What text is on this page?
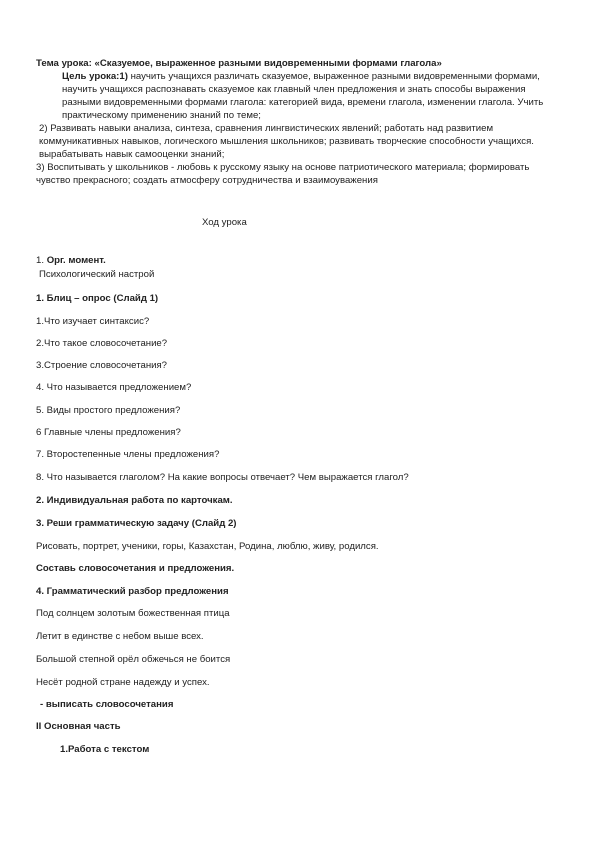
Тема урока: «Сказуемое, выраженное разными видовременными формами глагола»

Цель урока:1) научить учащихся различать сказуемое, выраженное разными видовременными формами, научить учащихся распознавать сказуемое как главный член предложения и знать способы выражения разными видовременными формами глагола: категорией вида, времени глагола, изменении глагола. Учить практическому применению знаний по теме;

2) Развивать навыки анализа, синтеза, сравнения лингвистических явлений; работать над развитием коммуникативных навыков, логического мышления школьников; развивать творческие способности учащихся. вырабатывать навык самооценки знаний;

3) Воспитывать у школьников - любовь к русскому языку на основе патриотического материала; формировать чувство прекрасного; создать атмосферу сотрудничества и взаимоуважения

Ход урока

1. Орг. момент.

Психологический настрой

1. Блиц – опрос (Слайд 1)

1.Что изучает синтаксис?

2.Что такое словосочетание?

3.Строение словосочетания?

4. Что называется предложением?

5. Виды простого предложения?

6 Главные члены предложения?

7. Второстепенные члены предложения?

8. Что называется глаголом? На какие вопросы отвечает? Чем выражается глагол?

2. Индивидуальная работа по карточкам.

3. Реши грамматическую задачу (Слайд 2)

Рисовать, портрет, ученики, горы, Казахстан, Родина, люблю, живу, родился.

Составь словосочетания и предложения.

4. Грамматический разбор предложения

Под солнцем золотым божественная птица

Летит в единстве с небом выше всех.

Большой степной орёл обжечься не боится

Несёт родной стране надежду и успех.

- выписать словосочетания

II Основная часть

1.Работа с текстом
